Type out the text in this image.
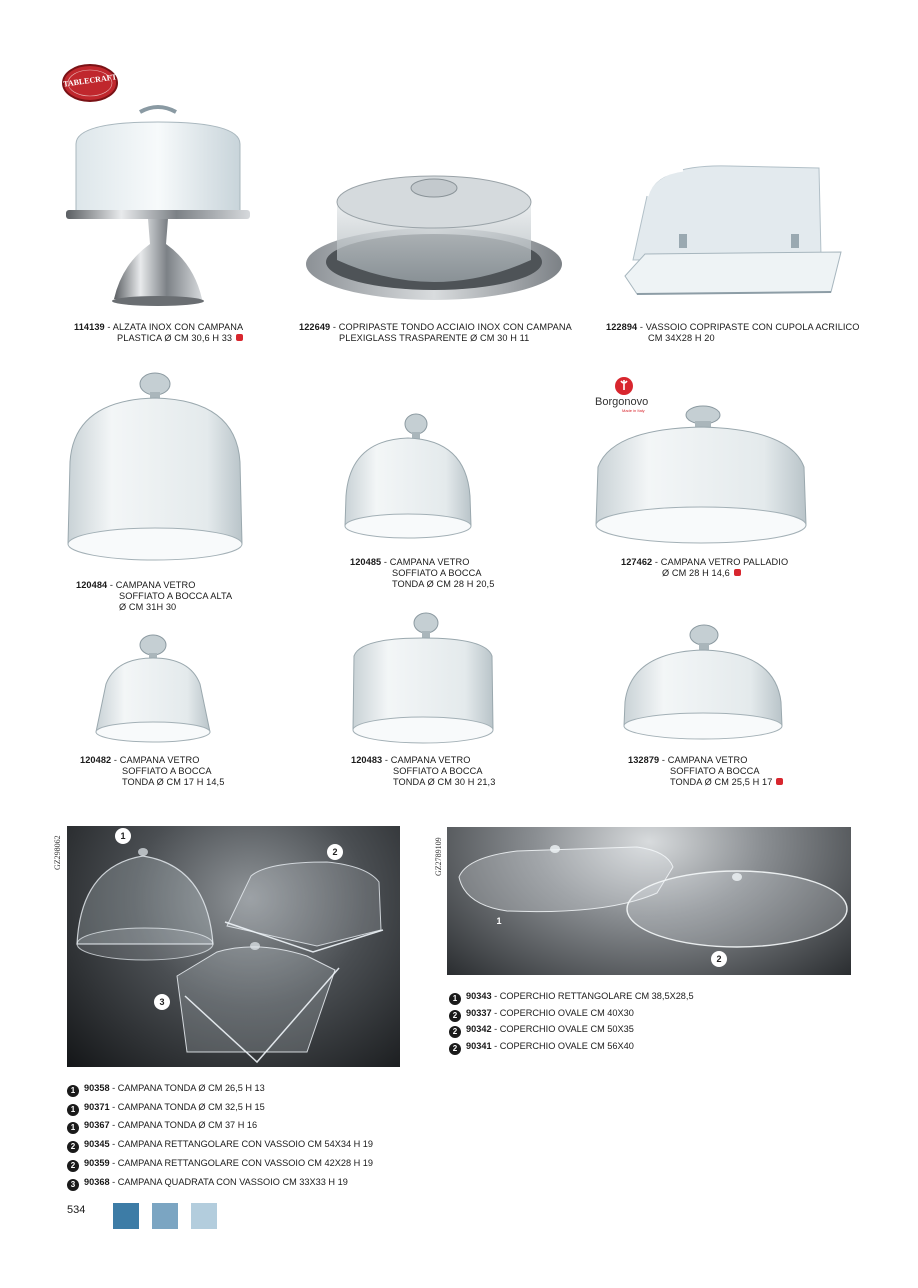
TABLECRAFT
Borgonovo
Made in Italy
114139 - ALZATA INOX CON CAMPANA
PLASTICA Ø CM 30,6 H 33
122649 - COPRIPASTE TONDO ACCIAIO INOX CON CAMPANA
PLEXIGLASS TRASPARENTE Ø CM 30 H 11
122894 - VASSOIO COPRIPASTE CON CUPOLA ACRILICO
CM 34X28 H 20
120484 - CAMPANA VETRO
SOFFIATO A BOCCA ALTA
Ø CM 31H 30
120485 - CAMPANA VETRO
SOFFIATO A BOCCA
TONDA Ø CM 28 H 20,5
127462 - CAMPANA VETRO PALLADIO
Ø CM 28 H 14,6
120482 - CAMPANA VETRO
SOFFIATO A BOCCA
TONDA Ø CM 17 H 14,5
120483 - CAMPANA VETRO
SOFFIATO A BOCCA
TONDA Ø CM 30 H 21,3
132879 - CAMPANA VETRO
SOFFIATO A BOCCA
TONDA Ø CM 25,5 H 17
GZ298062	1
2
3
GZ2789109
1
2
1 90343 - COPERCHIO RETTANGOLARE CM 38,5X28,5
2 90337 - COPERCHIO OVALE CM 40X30
2 90342 - COPERCHIO OVALE CM 50X35
2 90341 - COPERCHIO OVALE CM 56X40
1 90358 - CAMPANA TONDA Ø CM 26,5 H 13
1 90371 - CAMPANA TONDA Ø CM 32,5 H 15
1 90367 - CAMPANA TONDA Ø CM 37 H 16
2 90345 - CAMPANA RETTANGOLARE CON VASSOIO CM 54X34 H 19
2 90359 - CAMPANA RETTANGOLARE CON VASSOIO CM 42X28 H 19
3 90368 - CAMPANA QUADRATA CON VASSOIO CM 33X33 H 19
534
